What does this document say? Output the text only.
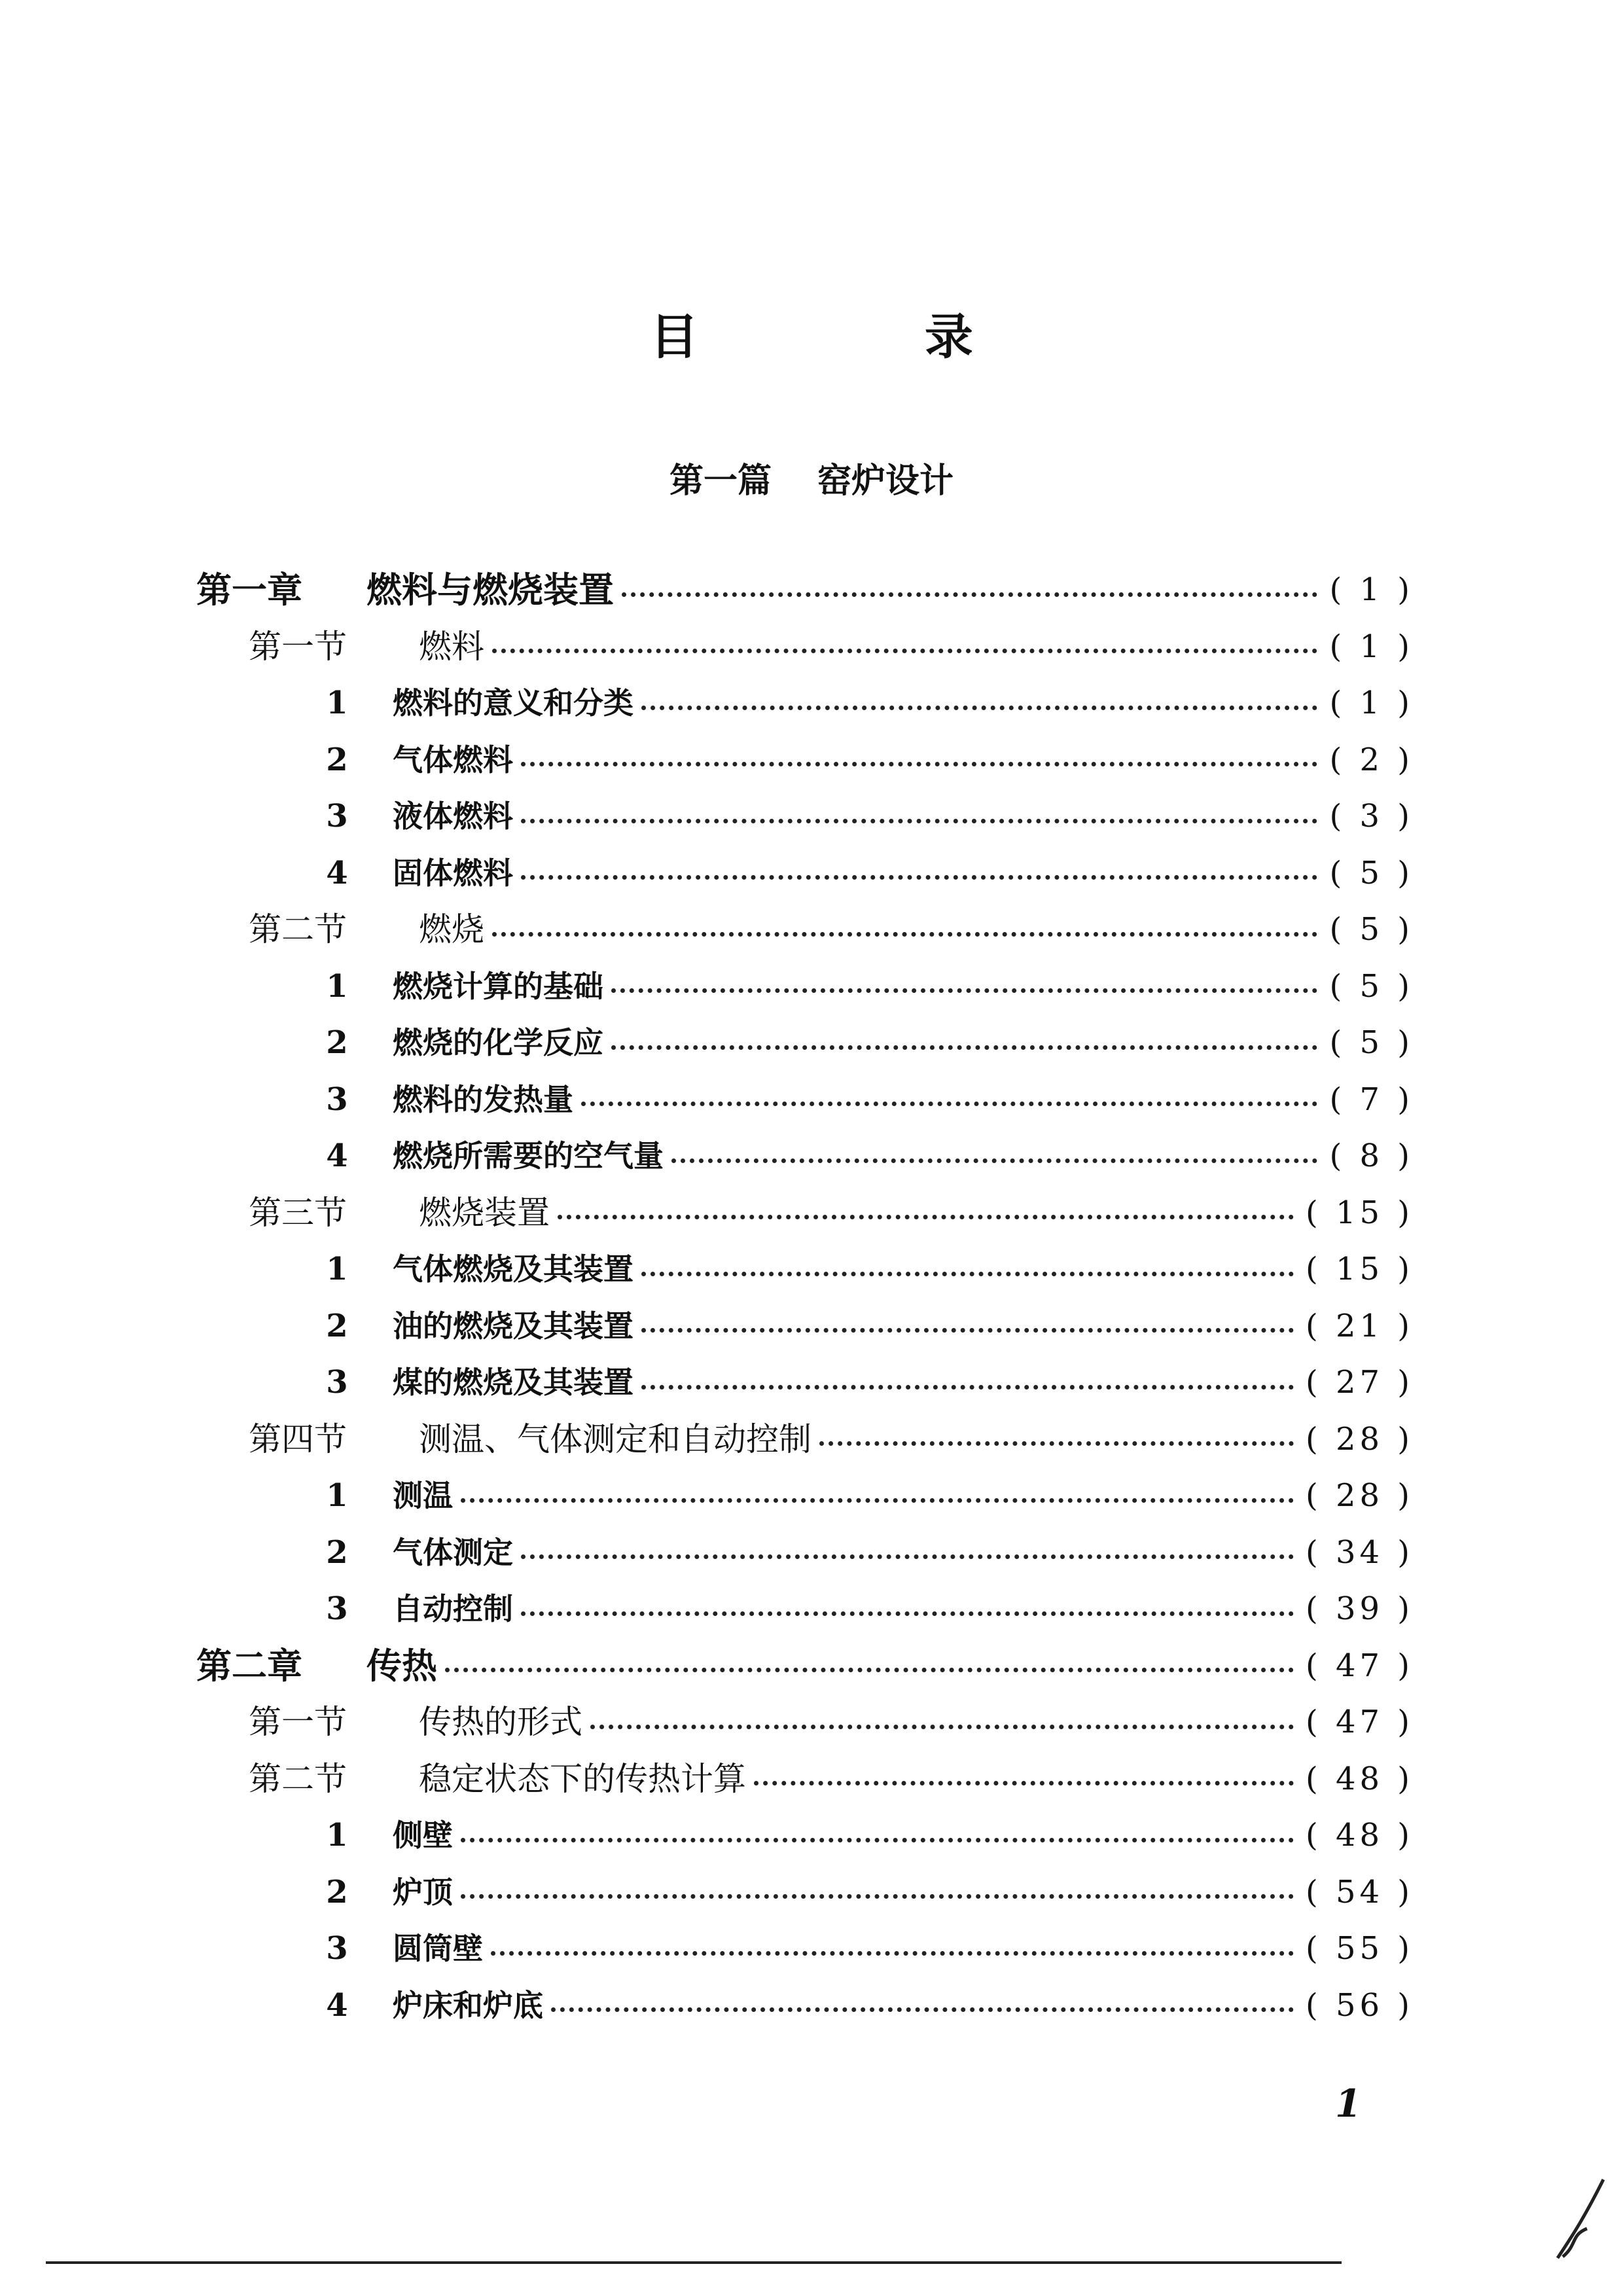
目 录
第一篇 窑炉设计
第一章	燃料与燃烧装置	( 1 )
第一节	燃料	( 1 )
1	燃料的意义和分类	( 1 )
2	气体燃料	( 2 )
3	液体燃料	( 3 )
4	固体燃料	( 5 )
第二节	燃烧	( 5 )
1	燃烧计算的基础	( 5 )
2	燃烧的化学反应	( 5 )
3	燃料的发热量	( 7 )
4	燃烧所需要的空气量	( 8 )
第三节	燃烧装置	( 15 )
1	气体燃烧及其装置	( 15 )
2	油的燃烧及其装置	( 21 )
3	煤的燃烧及其装置	( 27 )
第四节	测温、气体测定和自动控制	( 28 )
1	测温	( 28 )
2	气体测定	( 34 )
3	自动控制	( 39 )
第二章	传热	( 47 )
第一节	传热的形式	( 47 )
第二节	稳定状态下的传热计算	( 48 )
1	侧壁	( 48 )
2	炉顶	( 54 )
3	圆筒壁	( 55 )
4	炉床和炉底	( 56 )
1
